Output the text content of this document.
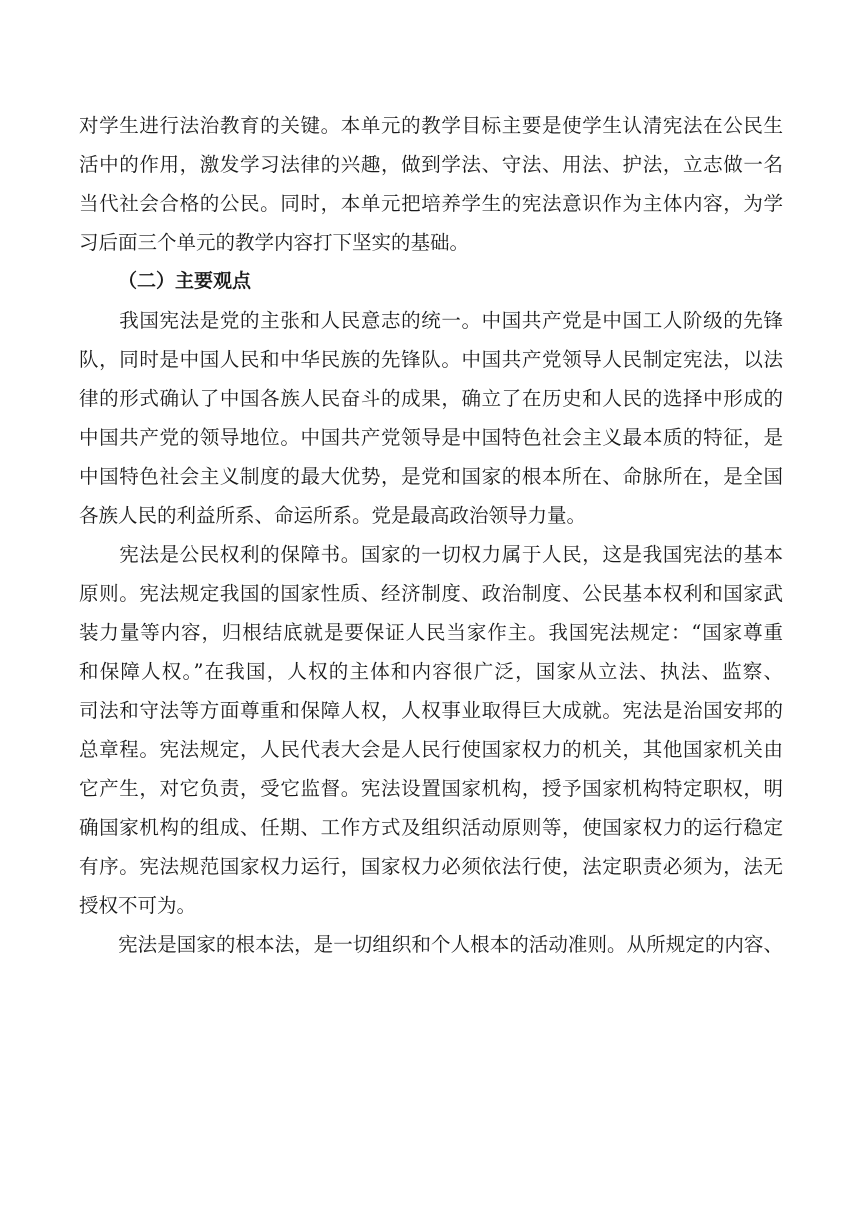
对学生进行法治教育的关键。本单元的教学目标主要是使学生认清宪法在公民生
活中的作用，激发学习法律的兴趣，做到学法、守法、用法、护法，立志做一名
当代社会合格的公民。同时，本单元把培养学生的宪法意识作为主体内容，为学
习后面三个单元的教学内容打下坚实的基础。
（二）主要观点
　　我国宪法是党的主张和人民意志的统一。中国共产党是中国工人阶级的先锋
队，同时是中国人民和中华民族的先锋队。中国共产党领导人民制定宪法，以法
律的形式确认了中国各族人民奋斗的成果，确立了在历史和人民的选择中形成的
中国共产党的领导地位。中国共产党领导是中国特色社会主义最本质的特征，是
中国特色社会主义制度的最大优势，是党和国家的根本所在、命脉所在，是全国
各族人民的利益所系、命运所系。党是最高政治领导力量。
　　宪法是公民权利的保障书。国家的一切权力属于人民，这是我国宪法的基本
原则。宪法规定我国的国家性质、经济制度、政治制度、公民基本权利和国家武
装力量等内容，归根结底就是要保证人民当家作主。我国宪法规定：“国家尊重
和保障人权。”在我国，人权的主体和内容很广泛，国家从立法、执法、监察、
司法和守法等方面尊重和保障人权，人权事业取得巨大成就。宪法是治国安邦的
总章程。宪法规定，人民代表大会是人民行使国家权力的机关，其他国家机关由
它产生，对它负责，受它监督。宪法设置国家机构，授予国家机构特定职权，明
确国家机构的组成、任期、工作方式及组织活动原则等，使国家权力的运行稳定
有序。宪法规范国家权力运行，国家权力必须依法行使，法定职责必须为，法无
授权不可为。
　　宪法是国家的根本法，是一切组织和个人根本的活动准则。从所规定的内容、
